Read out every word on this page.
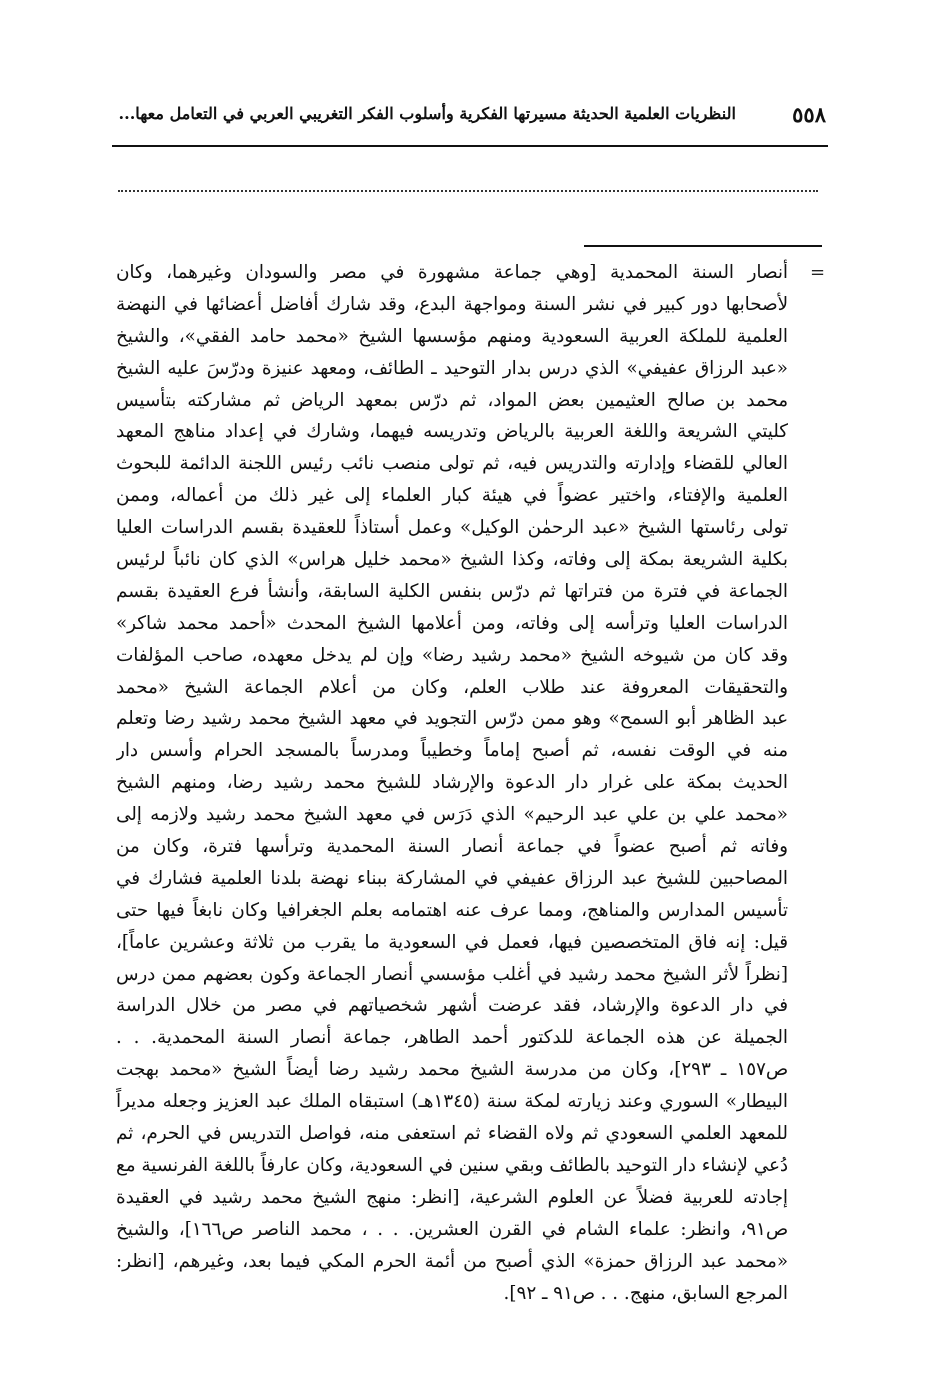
٥٥٨
النظريات العلمية الحديثة مسيرتها الفكرية وأسلوب الفكر التغريبي العربي في التعامل معها...
=
أنصار السنة المحمدية [وهي جماعة مشهورة في مصر والسودان وغيرهما، وكان
لأصحابها دور كبير في نشر السنة ومواجهة البدع، وقد شارك أفاضل أعضائها في النهضة
العلمية للملكة العربية السعودية ومنهم مؤسسها الشيخ «محمد حامد الفقي»، والشيخ
«عبد الرزاق عفيفي» الذي درس بدار التوحيد ـ الطائف، ومعهد عنيزة ودرّسَ عليه الشيخ
محمد بن صالح العثيمين بعض المواد، ثم درّس بمعهد الرياض ثم مشاركته بتأسيس
كليتي الشريعة واللغة العربية بالرياض وتدريسه فيهما، وشارك في إعداد مناهج المعهد
العالي للقضاء وإدارته والتدريس فيه، ثم تولى منصب نائب رئيس اللجنة الدائمة للبحوث
العلمية والإفتاء، واختير عضواً في هيئة كبار العلماء إلى غير ذلك من أعماله، وممن
تولى رئاستها الشيخ «عبد الرحمٰن الوكيل» وعمل أستاذاً للعقيدة بقسم الدراسات العليا
بكلية الشريعة بمكة إلى وفاته، وكذا الشيخ «محمد خليل هراس» الذي كان نائباً لرئيس
الجماعة في فترة من فتراتها ثم درّس بنفس الكلية السابقة، وأنشأ فرع العقيدة بقسم
الدراسات العليا وترأسه إلى وفاته، ومن أعلامها الشيخ المحدث «أحمد محمد شاكر»
وقد كان من شيوخه الشيخ «محمد رشيد رضا» وإن لم يدخل معهده، صاحب المؤلفات
والتحقيقات المعروفة عند طلاب العلم، وكان من أعلام الجماعة الشيخ «محمد
عبد الظاهر أبو السمح» وهو ممن درّس التجويد في معهد الشيخ محمد رشيد رضا وتعلم
منه في الوقت نفسه، ثم أصبح إماماً وخطيباً ومدرساً بالمسجد الحرام وأسس دار
الحديث بمكة على غرار دار الدعوة والإرشاد للشيخ محمد رشيد رضا، ومنهم الشيخ
«محمد علي بن علي عبد الرحيم» الذي دَرَس في معهد الشيخ محمد رشيد ولازمه إلى
وفاته ثم أصبح عضواً في جماعة أنصار السنة المحمدية وترأسها فترة، وكان من
المصاحبين للشيخ عبد الرزاق عفيفي في المشاركة ببناء نهضة بلدنا العلمية فشارك في
تأسيس المدارس والمناهج، ومما عرف عنه اهتمامه بعلم الجغرافيا وكان نابغاً فيها حتى
قيل: إنه فاق المتخصصين فيها، فعمل في السعودية ما يقرب من ثلاثة وعشرين عاماً]،
[نظراً لأثر الشيخ محمد رشيد في أغلب مؤسسي أنصار الجماعة وكون بعضهم ممن درس
في دار الدعوة والإرشاد، فقد عرضت أشهر شخصياتهم في مصر من خلال الدراسة
الجميلة عن هذه الجماعة للدكتور أحمد الطاهر، جماعة أنصار السنة المحمدية. . .
ص١٥٧ ـ ٢٩٣]، وكان من مدرسة الشيخ محمد رشيد رضا أيضاً الشيخ «محمد بهجت
البيطار» السوري وعند زيارته لمكة سنة (١٣٤٥هـ) استبقاه الملك عبد العزيز وجعله مديراً
للمعهد العلمي السعودي ثم ولاه القضاء ثم استعفى منه، فواصل التدريس في الحرم، ثم
دُعي لإنشاء دار التوحيد بالطائف وبقي سنين في السعودية، وكان عارفاً باللغة الفرنسية مع
إجادته للعربية فضلاً عن العلوم الشرعية، [انظر: منهج الشيخ محمد رشيد في العقيدة
ص٩١، وانظر: علماء الشام في القرن العشرين. . . ، محمد الناصر ص١٦٦]، والشيخ
«محمد عبد الرزاق حمزة» الذي أصبح من أئمة الحرم المكي فيما بعد، وغيرهم، [انظر:
المرجع السابق، منهج. . . ص٩١ ـ ٩٢].
